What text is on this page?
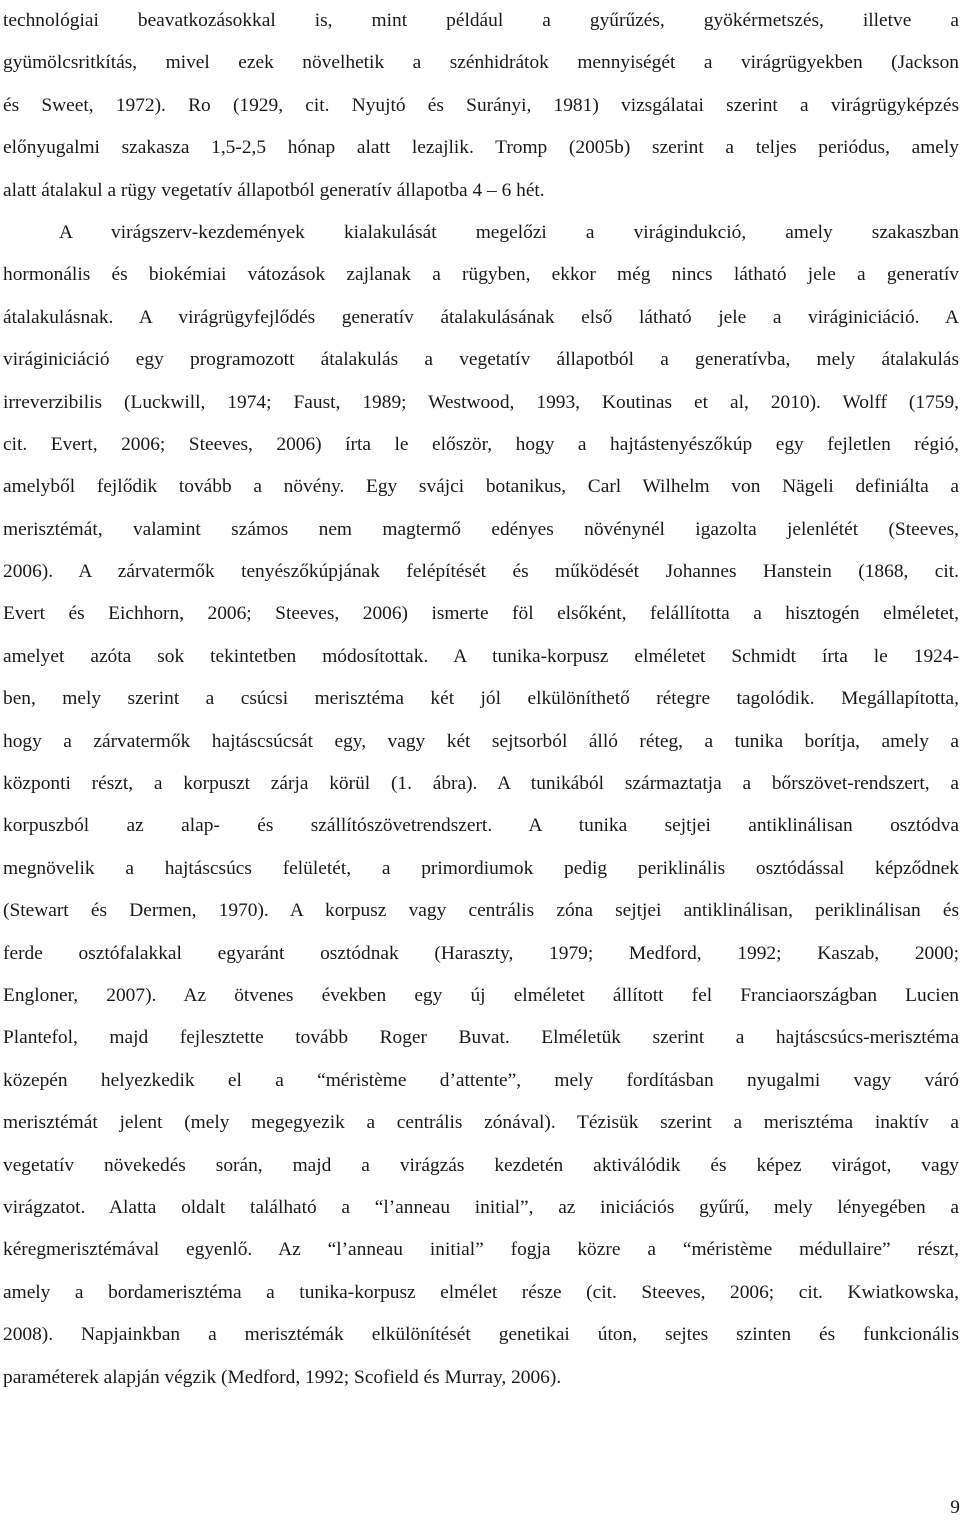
technológiai beavatkozásokkal is, mint például a gyűrűzés, gyökérmetszés, illetve a
gyümölcsritkítás, mivel ezek növelhetik a szénhidrátok mennyiségét a virágrügyekben (Jackson
és Sweet, 1972). Ro (1929, cit. Nyujtó és Surányi, 1981) vizsgálatai szerint a virágrügyképzés
előnyugalmi szakasza 1,5-2,5 hónap alatt lezajlik. Tromp (2005b) szerint a teljes periódus, amely
alatt átalakul a rügy vegetatív állapotból generatív állapotba 4 – 6 hét.
A virágszerv-kezdemények kialakulását megelőzi a virágindukció, amely szakaszban
hormonális és biokémiai vátozások zajlanak a rügyben, ekkor még nincs látható jele a generatív
átalakulásnak. A virágrügyfejlődés generatív átalakulásának első látható jele a viráginiciáció. A
viráginiciáció egy programozott átalakulás a vegetatív állapotból a generatívba, mely átalakulás
irreverzibilis (Luckwill, 1974; Faust, 1989; Westwood, 1993, Koutinas et al, 2010). Wolff (1759,
cit. Evert, 2006; Steeves, 2006) írta le először, hogy a hajtástenyészőkúp egy fejletlen régió,
amelyből fejlődik tovább a növény. Egy svájci botanikus, Carl Wilhelm von Nägeli definiálta a
merisztémát, valamint számos nem magtermő edényes növénynél igazolta jelenlétét (Steeves,
2006). A zárvatermők tenyészőkúpjának felépítését és működését Johannes Hanstein (1868, cit.
Evert és Eichhorn, 2006; Steeves, 2006) ismerte föl elsőként, felállította a hisztogén elméletet,
amelyet azóta sok tekintetben módosítottak. A tunika-korpusz elméletet Schmidt írta le 1924-
ben, mely szerint a csúcsi merisztéma két jól elkülöníthető rétegre tagolódik. Megállapította,
hogy a zárvatermők hajtáscsúcsát egy, vagy két sejtsorból álló réteg, a tunika borítja, amely a
központi részt, a korpuszt zárja körül (1. ábra). A tunikából származtatja a bőrszövet-rendszert, a
korpuszból az alap- és szállítószövetrendszert. A tunika sejtjei antiklinálisan osztódva
megnövelik a hajtáscsúcs felületét, a primordiumok pedig periklinális osztódással képződnek
(Stewart és Dermen, 1970). A korpusz vagy centrális zóna sejtjei antiklinálisan, periklinálisan és
ferde osztófalakkal egyaránt osztódnak (Haraszty, 1979; Medford, 1992; Kaszab, 2000;
Engloner, 2007). Az ötvenes években egy új elméletet állított fel Franciaországban Lucien
Plantefol, majd fejlesztette tovább Roger Buvat. Elméletük szerint a hajtáscsúcs-merisztéma
közepén helyezkedik el a “méristème d’attente”, mely fordításban nyugalmi vagy váró
merisztémát jelent (mely megegyezik a centrális zónával). Tézisük szerint a merisztéma inaktív a
vegetatív növekedés során, majd a virágzás kezdetén aktiválódik és képez virágot, vagy
virágzatot. Alatta oldalt található a “l’anneau initial”, az iniciációs gyűrű, mely lényegében a
kéregmerisztémával egyenlő. Az “l’anneau initial” fogja közre a “méristème médullaire” részt,
amely a bordamerisztéma a tunika-korpusz elmélet része (cit. Steeves, 2006; cit. Kwiatkowska,
2008). Napjainkban a merisztémák elkülönítését genetikai úton, sejtes szinten és funkcionális
paraméterek alapján végzik (Medford, 1992; Scofield és Murray, 2006).
9
